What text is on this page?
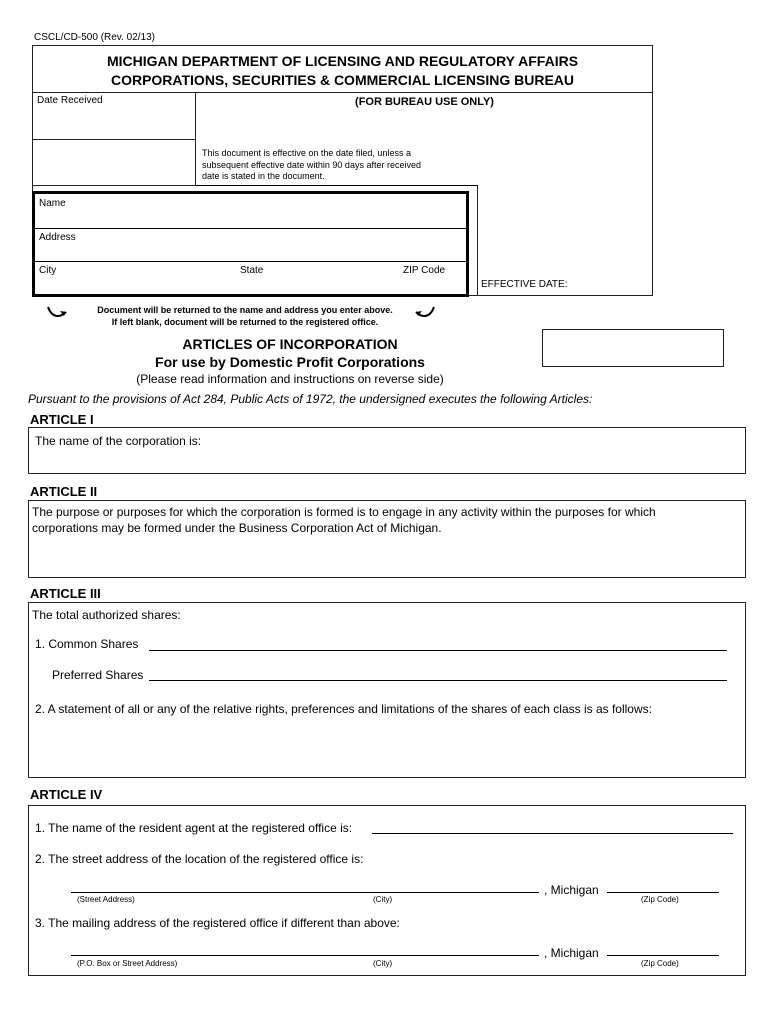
CSCL/CD-500 (Rev. 02/13)
MICHIGAN DEPARTMENT OF LICENSING AND REGULATORY AFFAIRS
CORPORATIONS, SECURITIES & COMMERCIAL LICENSING BUREAU
Date Received	(FOR BUREAU USE ONLY)
This document is effective on the date filed, unless a
subsequent effective date within 90 days after received
date is stated in the document.
EFFECTIVE DATE:
Name
Address
City	State	ZIP Code
Document will be returned to the name and address you enter above.
If left blank, document will be returned to the registered office.
ARTICLES OF INCORPORATION
For use by Domestic Profit Corporations
(Please read information and instructions on reverse side)
Pursuant to the provisions of Act 284, Public Acts of 1972, the undersigned executes the following Articles:
ARTICLE I
The name of the corporation is:
ARTICLE II
The purpose or purposes for which the corporation is formed is to engage in any activity within the purposes for which
corporations may be formed under the Business Corporation Act of Michigan.
ARTICLE III
The total authorized shares:
1. Common Shares
Preferred Shares
2. A statement of all or any of the relative rights, preferences and limitations of the shares of each class is as follows:
ARTICLE IV
1. The name of the resident agent at the registered office is:
2. The street address of the location of the registered office is:
, Michigan
(Street Address)	(City)	(Zip Code)
3. The mailing address of the registered office if different than above:
, Michigan
(P.O. Box or Street Address)	(City)	(Zip Code)
